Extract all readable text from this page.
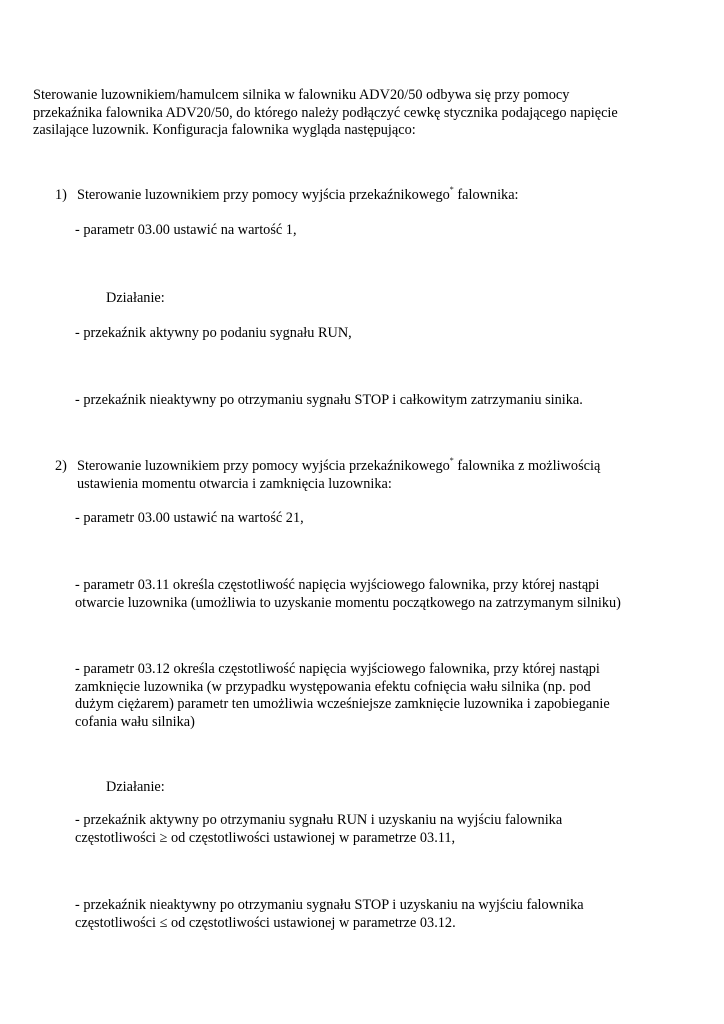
Sterowanie luzownikiem/hamulcem silnika w falowniku ADV20/50 odbywa się przy pomocy
przekaźnika falownika ADV20/50, do którego należy podłączyć cewkę stycznika podającego napięcie
zasilające luzownik. Konfiguracja falownika wygląda następująco:

1) Sterowanie luzownikiem przy pomocy wyjścia przekaźnikowego* falownika:

- parametr 03.00 ustawić na wartość 1,

Działanie:

- przekaźnik aktywny po podaniu sygnału RUN,

- przekaźnik nieaktywny po otrzymaniu sygnału STOP i całkowitym zatrzymaniu sinika.

2) Sterowanie luzownikiem przy pomocy wyjścia przekaźnikowego* falownika z możliwością
ustawienia momentu otwarcia i zamknięcia luzownika:

- parametr 03.00 ustawić na wartość 21,

- parametr 03.11 określa częstotliwość napięcia wyjściowego falownika, przy której nastąpi
otwarcie luzownika (umożliwia to uzyskanie momentu początkowego na zatrzymanym silniku)

- parametr 03.12 określa częstotliwość napięcia wyjściowego falownika, przy której nastąpi
zamknięcie luzownika (w przypadku występowania efektu cofnięcia wału silnika (np. pod
dużym ciężarem) parametr ten umożliwia wcześniejsze zamknięcie luzownika i zapobieganie
cofania wału silnika)

Działanie:

- przekaźnik aktywny po otrzymaniu sygnału RUN i uzyskaniu na wyjściu falownika
częstotliwości ≥ od częstotliwości ustawionej w parametrze 03.11,

- przekaźnik nieaktywny po otrzymaniu sygnału STOP i uzyskaniu na wyjściu falownika
częstotliwości ≤ od częstotliwości ustawionej w parametrze 03.12.
